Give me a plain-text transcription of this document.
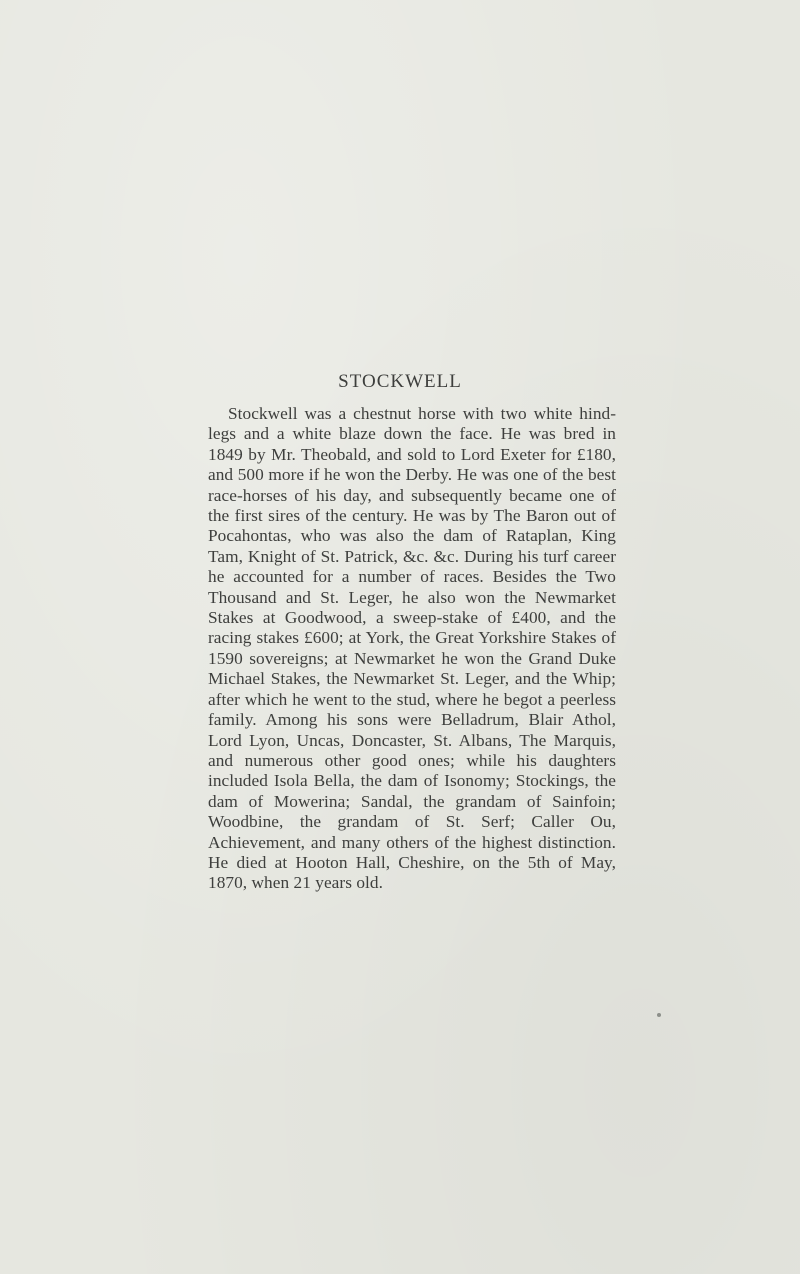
STOCKWELL

Stockwell was a chestnut horse with two white hind-legs and a white blaze down the face. He was bred in 1849 by Mr. Theobald, and sold to Lord Exeter for £180, and 500 more if he won the Derby. He was one of the best race-horses of his day, and subsequently became one of the first sires of the century. He was by The Baron out of Pocahontas, who was also the dam of Rataplan, King Tam, Knight of St. Patrick, &c. &c. During his turf career he accounted for a number of races. Besides the Two Thousand and St. Leger, he also won the Newmarket Stakes at Goodwood, a sweep-stake of £400, and the racing stakes £600; at York, the Great Yorkshire Stakes of 1590 sovereigns; at Newmarket he won the Grand Duke Michael Stakes, the Newmarket St. Leger, and the Whip; after which he went to the stud, where he begot a peerless family. Among his sons were Belladrum, Blair Athol, Lord Lyon, Uncas, Doncaster, St. Albans, The Marquis, and numerous other good ones; while his daughters included Isola Bella, the dam of Isonomy; Stockings, the dam of Mowerina; Sandal, the grandam of Sainfoin; Woodbine, the grandam of St. Serf; Caller Ou, Achievement, and many others of the highest distinction. He died at Hooton Hall, Cheshire, on the 5th of May, 1870, when 21 years old.
